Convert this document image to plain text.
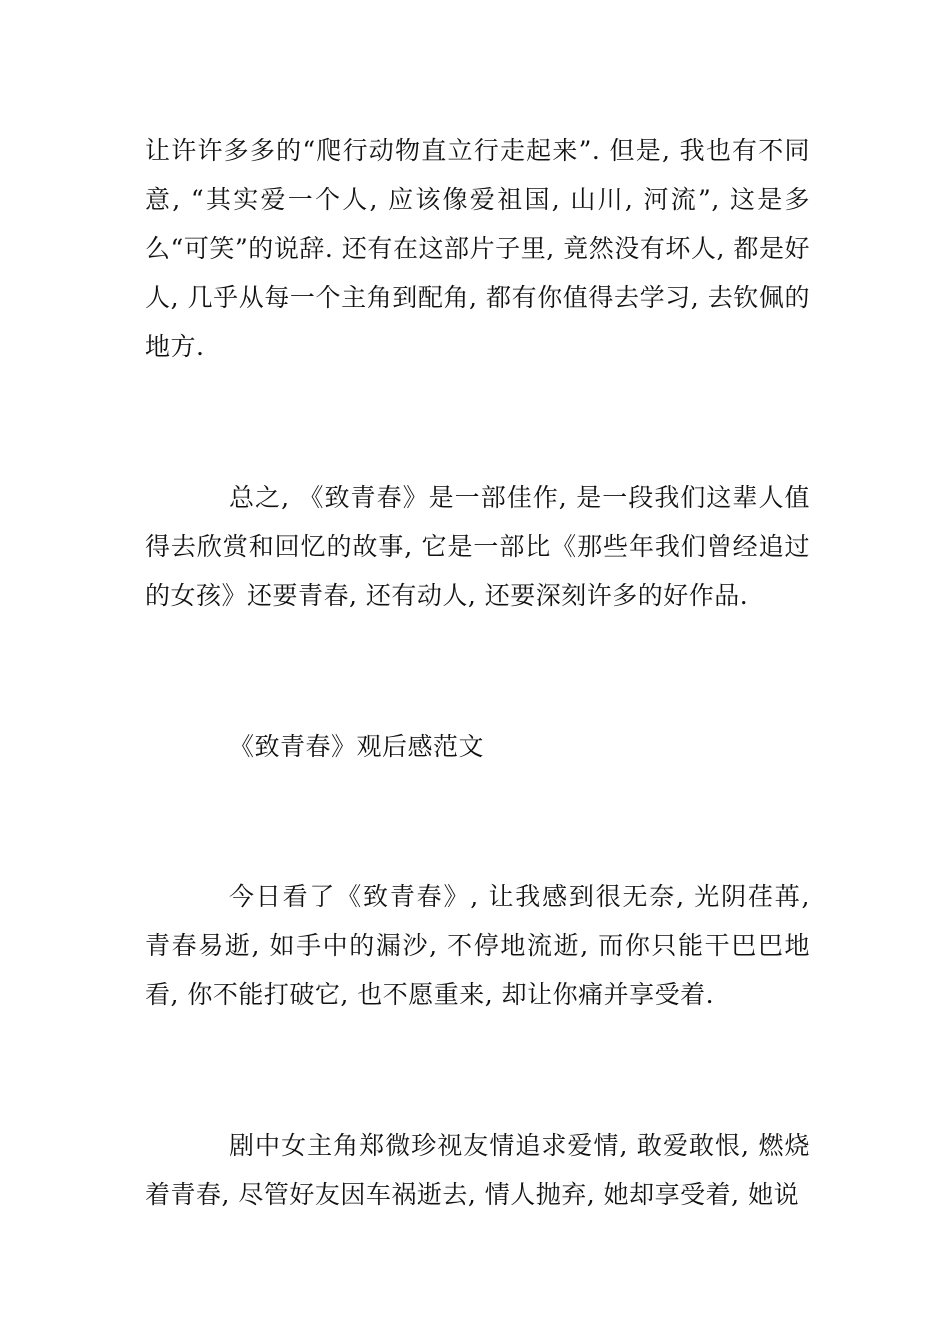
让许许多多的“爬行动物直立行走起来”. 但是, 我也有不同意, “其实爱一个人, 应该像爱祖国, 山川, 河流”, 这是多么“可笑”的说辞. 还有在这部片子里, 竟然没有坏人, 都是好人, 几乎从每一个主角到配角, 都有你值得去学习, 去钦佩的地方.

总之, 《致青春》是一部佳作, 是一段我们这辈人值得去欣赏和回忆的故事, 它是一部比《那些年我们曾经追过的女孩》还要青春, 还有动人, 还要深刻许多的好作品.

《致青春》观后感范文

今日看了《致青春》, 让我感到很无奈, 光阴荏苒, 青春易逝, 如手中的漏沙, 不停地流逝, 而你只能干巴巴地看, 你不能打破它, 也不愿重来, 却让你痛并享受着.

剧中女主角郑微珍视友情追求爱情, 敢爱敢恨, 燃烧着青春, 尽管好友因车祸逝去, 情人抛弃, 她却享受着, 她说
